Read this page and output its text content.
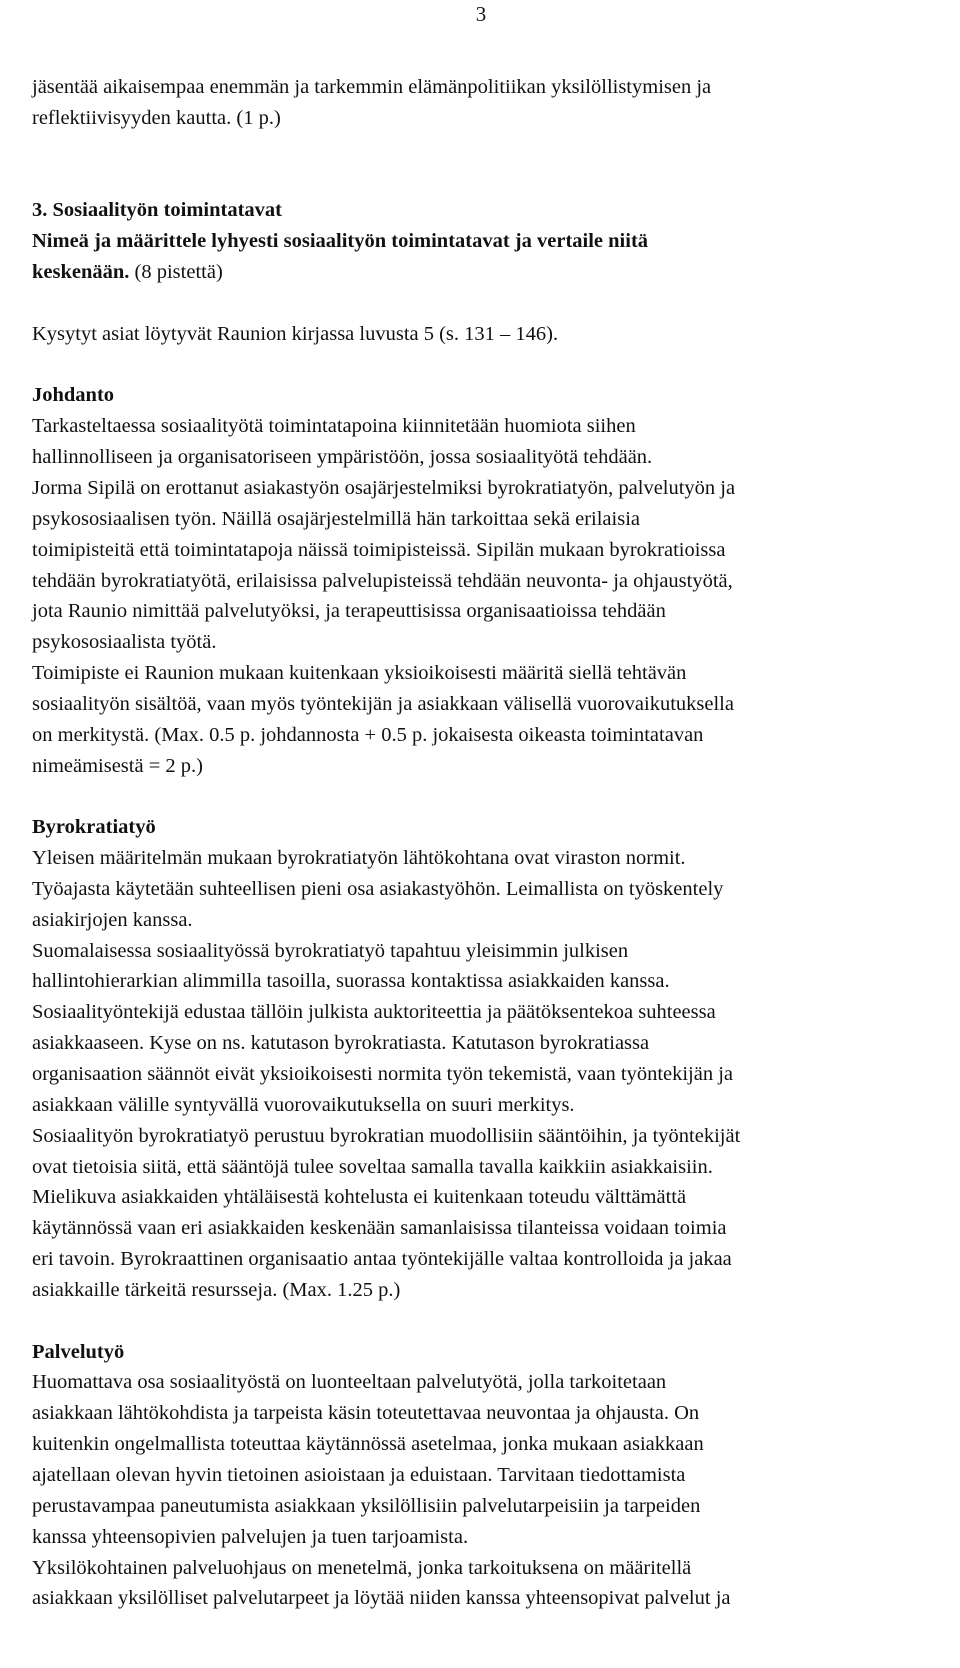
3
jäsentää aikaisempaa enemmän ja tarkemmin elämänpolitiikan yksilöllistymisen ja
reflektiivisyyden kautta. (1 p.)
3. Sosiaalityön toimintatavat
Nimeä ja määrittele lyhyesti sosiaalityön toimintatavat ja vertaile niitä
keskenään. (8 pistettä)
Kysytyt asiat löytyvät Raunion kirjassa luvusta 5 (s. 131 – 146).
Johdanto
Tarkasteltaessa sosiaalityötä toimintatapoina kiinnitetään huomiota siihen
hallinnolliseen ja organisatoriseen ympäristöön, jossa sosiaalityötä tehdään.
Jorma Sipilä on erottanut asiakastyön osajärjestelmiksi byrokratiatyön, palvelutyön ja
psykososiaalisen työn. Näillä osajärjestelmillä hän tarkoittaa sekä erilaisia
toimipisteitä että toimintatapoja näissä toimipisteissä. Sipilän mukaan byrokratioissa
tehdään byrokratiatyötä, erilaisissa palvelupisteissä tehdään neuvonta- ja ohjaustyötä,
jota Raunio nimittää palvelutyöksi, ja terapeuttisissa organisaatioissa tehdään
psykososiaalista työtä.
Toimipiste ei Raunion mukaan kuitenkaan yksioikoisesti määritä siellä tehtävän
sosiaalityön sisältöä, vaan myös työntekijän ja asiakkaan välisellä vuorovaikutuksella
on merkitystä. (Max. 0.5 p. johdannosta + 0.5 p. jokaisesta oikeasta toimintatavan
nimeämisestä = 2 p.)
Byrokratiatyö
Yleisen määritelmän mukaan byrokratiatyön lähtökohtana ovat viraston normit.
Työajasta käytetään suhteellisen pieni osa asiakastyöhön. Leimallista on työskentely
asiakirjojen kanssa.
Suomalaisessa sosiaalityössä byrokratiatyö tapahtuu yleisimmin julkisen
hallintohierarkian alimmilla tasoilla, suorassa kontaktissa asiakkaiden kanssa.
Sosiaalityöntekijä edustaa tällöin julkista auktoriteettia ja päätöksentekoa suhteessa
asiakkaaseen. Kyse on ns. katutason byrokratiasta. Katutason byrokratiassa
organisaation säännöt eivät yksioikoisesti normita työn tekemistä, vaan työntekijän ja
asiakkaan välille syntyvällä vuorovaikutuksella on suuri merkitys.
Sosiaalityön byrokratiatyö perustuu byrokratian muodollisiin sääntöihin, ja työntekijät
ovat tietoisia siitä, että sääntöjä tulee soveltaa samalla tavalla kaikkiin asiakkaisiin.
Mielikuva asiakkaiden yhtäläisestä kohtelusta ei kuitenkaan toteudu välttämättä
käytännössä vaan eri asiakkaiden keskenään samanlaisissa tilanteissa voidaan toimia
eri tavoin. Byrokraattinen organisaatio antaa työntekijälle valtaa kontrolloida ja jakaa
asiakkaille tärkeitä resursseja. (Max. 1.25 p.)
Palvelutyö
Huomattava osa sosiaalityöstä on luonteeltaan palvelutyötä, jolla tarkoitetaan
asiakkaan lähtökohdista ja tarpeista käsin toteutettavaa neuvontaa ja ohjausta. On
kuitenkin ongelmallista toteuttaa käytännössä asetelmaa, jonka mukaan asiakkaan
ajatellaan olevan hyvin tietoinen asioistaan ja eduistaan. Tarvitaan tiedottamista
perustavampaa paneutumista asiakkaan yksilöllisiin palvelutarpeisiin ja tarpeiden
kanssa yhteensopivien palvelujen ja tuen tarjoamista.
Yksilökohtainen palveluohjaus on menetelmä, jonka tarkoituksena on määritellä
asiakkaan yksilölliset palvelutarpeet ja löytää niiden kanssa yhteensopivat palvelut ja
